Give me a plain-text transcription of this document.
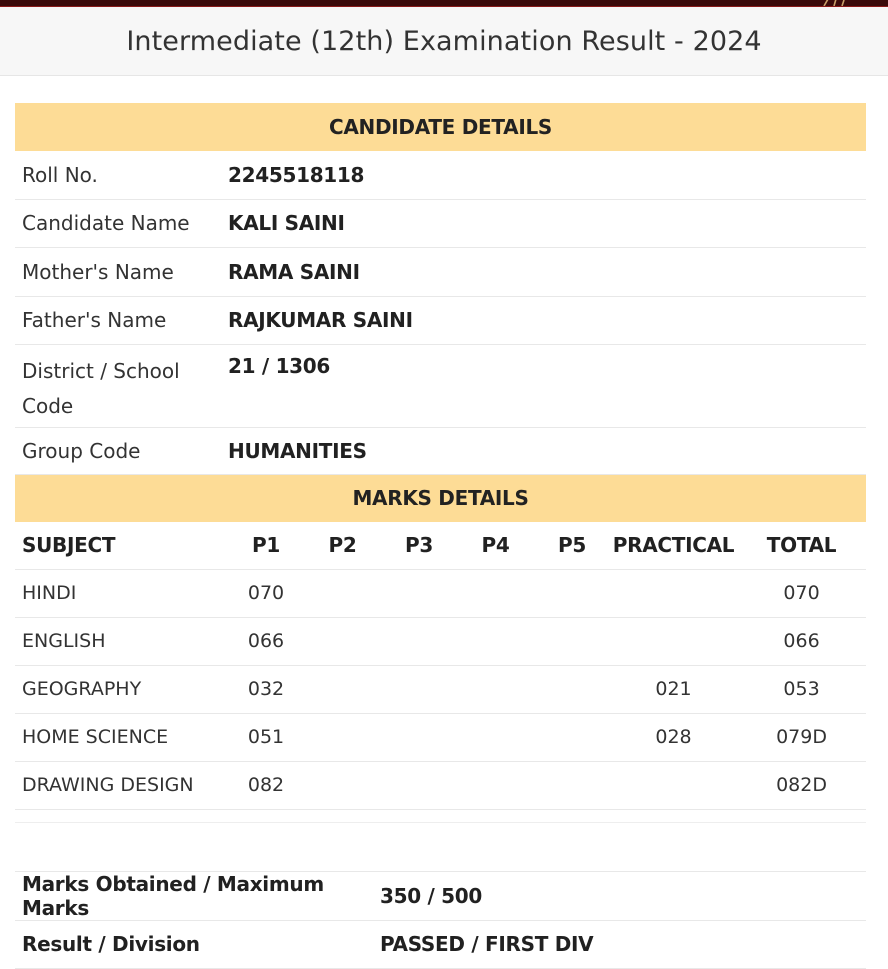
Intermediate (12th) Examination Result - 2024
CANDIDATE DETAILS	
Roll No.	2245518118
Candidate Name	KALI SAINI
Mother's Name	RAMA SAINI
Father's Name	RAJKUMAR SAINI
District / School Code	21 / 1306
Group Code	HUMANITIES
MARKS DETAILS							
SUBJECT	P1	P2	P3	P4	P5	PRACTICAL	TOTAL
HINDI	070						070
ENGLISH	066						066
GEOGRAPHY	032					021	053
HOME SCIENCE	051					028	079D
DRAWING DESIGN	082						082D

Marks Obtained / Maximum Marks	350 / 500
Result / Division	PASSED / FIRST DIV
